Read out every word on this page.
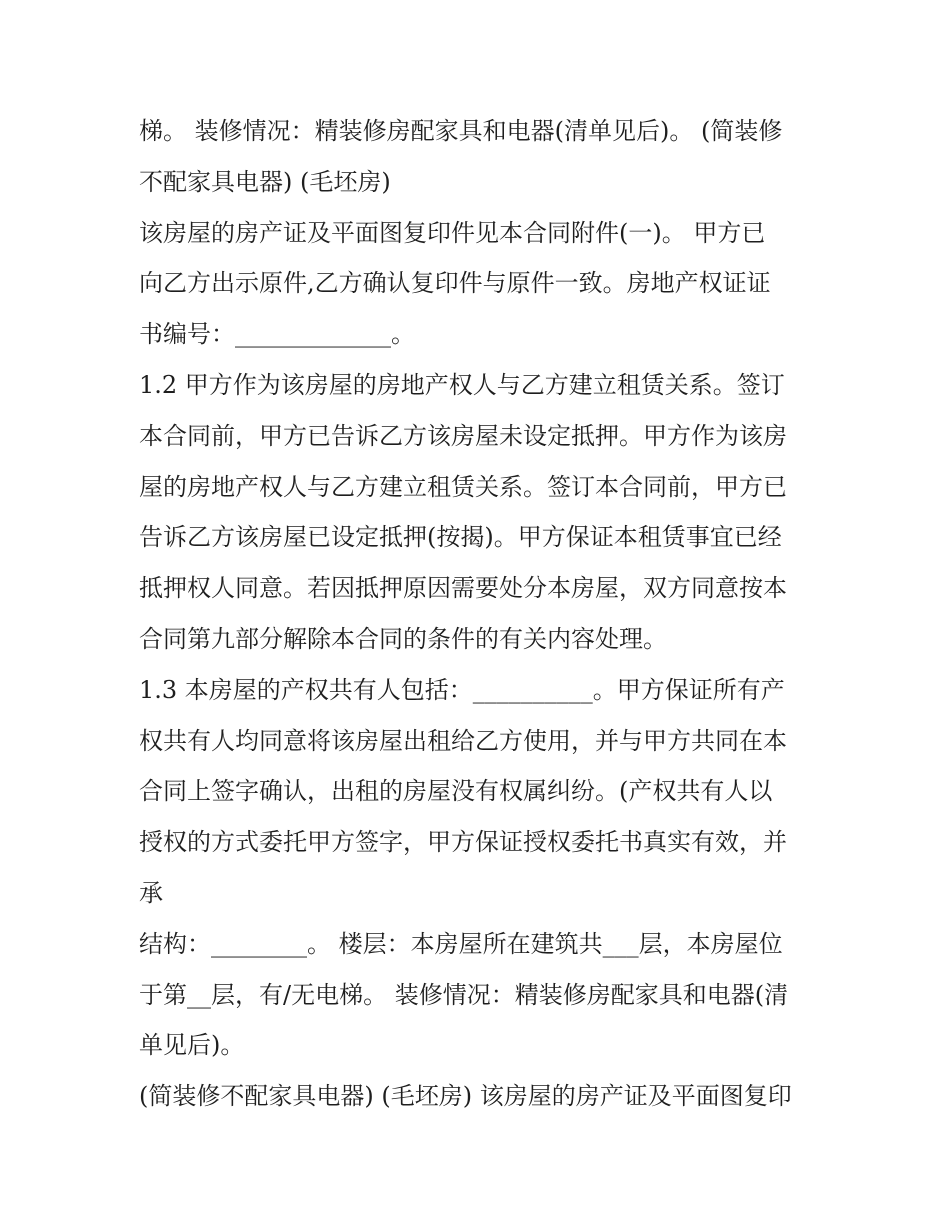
梯。 装修情况：精装修房配家具和电器(清单见后)。 (简装修
不配家具电器) (毛坯房)
该房屋的房产证及平面图复印件见本合同附件(一)。 甲方已
向乙方出示原件,乙方确认复印件与原件一致。房地产权证证
书编号：_____________。
1.2 甲方作为该房屋的房地产权人与乙方建立租赁关系。签订
本合同前，甲方已告诉乙方该房屋未设定抵押。甲方作为该房
屋的房地产权人与乙方建立租赁关系。签订本合同前，甲方已
告诉乙方该房屋已设定抵押(按揭)。甲方保证本租赁事宜已经
抵押权人同意。若因抵押原因需要处分本房屋，双方同意按本
合同第九部分解除本合同的条件的有关内容处理。
1.3 本房屋的产权共有人包括：__________。甲方保证所有产
权共有人均同意将该房屋出租给乙方使用，并与甲方共同在本
合同上签字确认，出租的房屋没有权属纠纷。(产权共有人以
授权的方式委托甲方签字，甲方保证授权委托书真实有效，并
承
结构：________。 楼层：本房屋所在建筑共___层，本房屋位
于第__层，有/无电梯。 装修情况：精装修房配家具和电器(清
单见后)。
(简装修不配家具电器) (毛坯房) 该房屋的房产证及平面图复印
